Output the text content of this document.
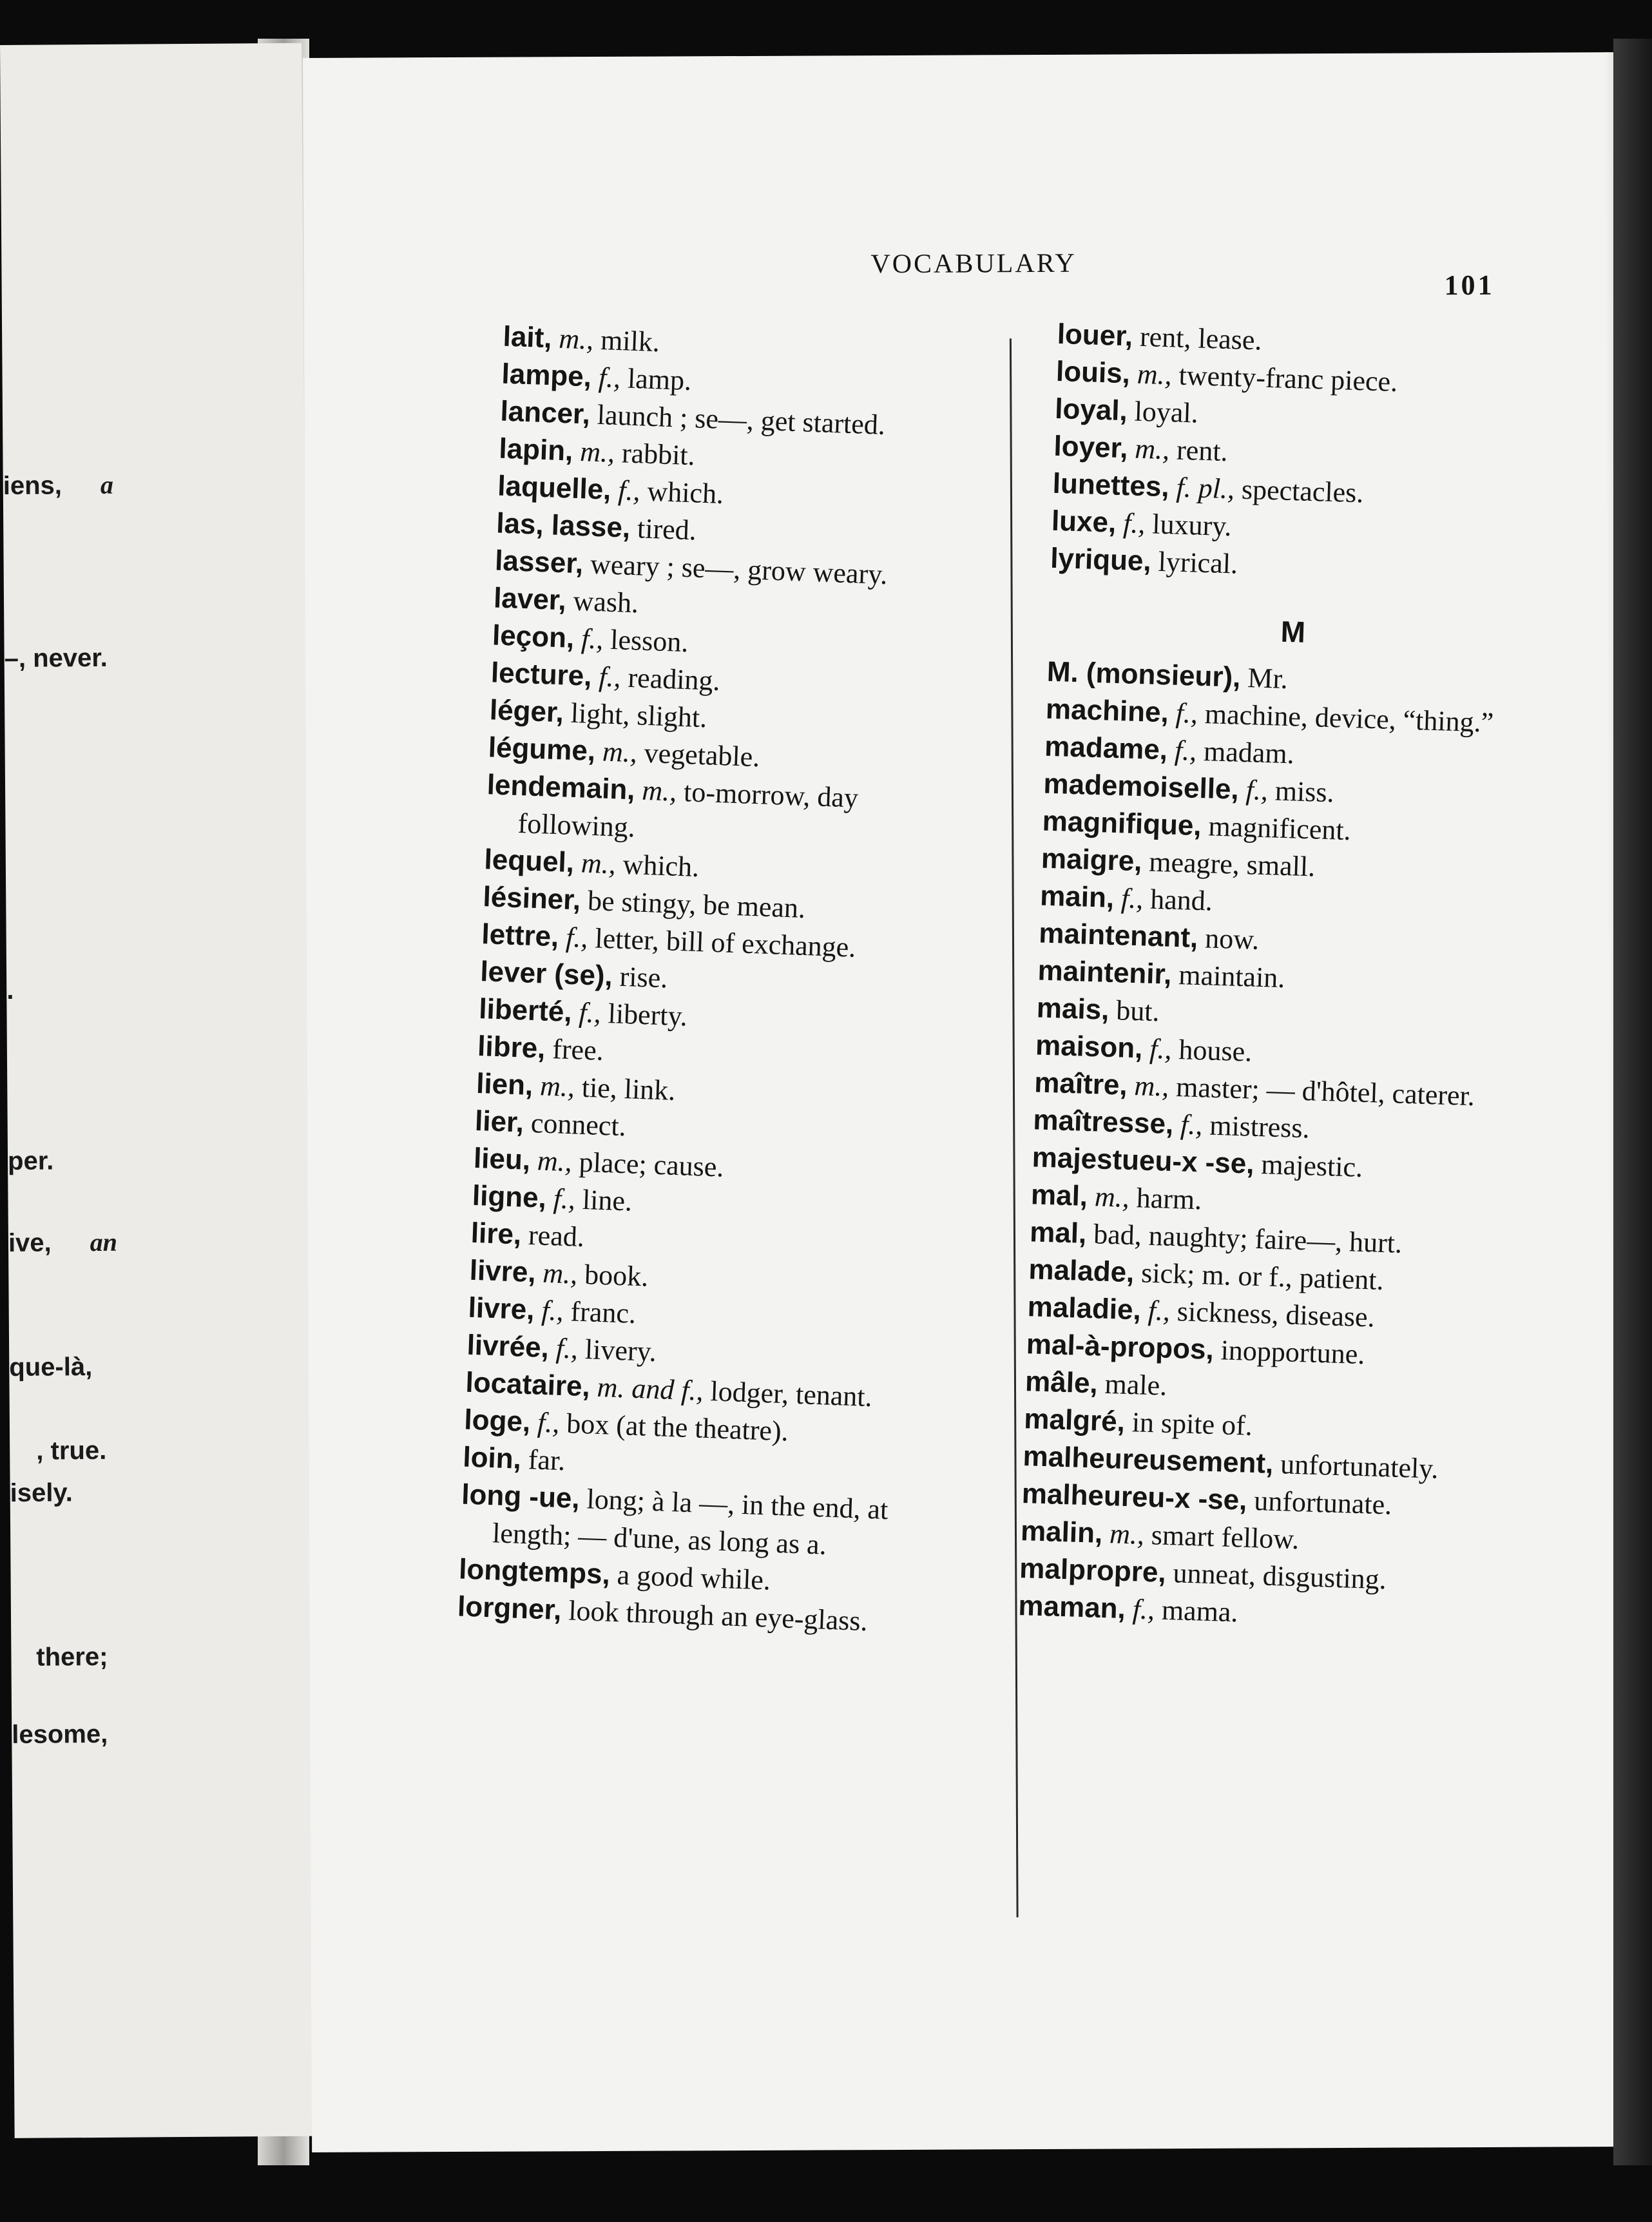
iens, a
–, never.
.
per.
ive, an
que-là,
, true.
isely.
there;
lesome,
VOCABULARY
101
lait, m., milk.
lampe, f., lamp.
lancer, launch ; se—, get started.
lapin, m., rabbit.
laquelle, f., which.
las, lasse, tired.
lasser, weary ; se—, grow weary.
laver, wash.
leçon, f., lesson.
lecture, f., reading.
léger, light, slight.
légume, m., vegetable.
lendemain, m., to-morrow, day following.
lequel, m., which.
lésiner, be stingy, be mean.
lettre, f., letter, bill of exchange.
lever (se), rise.
liberté, f., liberty.
libre, free.
lien, m., tie, link.
lier, connect.
lieu, m., place; cause.
ligne, f., line.
lire, read.
livre, m., book.
livre, f., franc.
livrée, f., livery.
locataire, m. and f., lodger, tenant.
loge, f., box (at the theatre).
loin, far.
long -ue, long; à la —, in the end, at length; — d'une, as long as a.
longtemps, a good while.
lorgner, look through an eye-glass.
louer, rent, lease.
louis, m., twenty-franc piece.
loyal, loyal.
loyer, m., rent.
lunettes, f. pl., spectacles.
luxe, f., luxury.
lyrique, lyrical.
M
M. (monsieur), Mr.
machine, f., machine, device, “thing.”
madame, f., madam.
mademoiselle, f., miss.
magnifique, magnificent.
maigre, meagre, small.
main, f., hand.
maintenant, now.
maintenir, maintain.
mais, but.
maison, f., house.
maître, m., master; — d'hôtel, caterer.
maîtresse, f., mistress.
majestueu-x -se, majestic.
mal, m., harm.
mal, bad, naughty; faire—, hurt.
malade, sick; m. or f., patient.
maladie, f., sickness, disease.
mal-à-propos, inopportune.
mâle, male.
malgré, in spite of.
malheureusement, unfortunately.
malheureu-x -se, unfortunate.
malin, m., smart fellow.
malpropre, unneat, disgusting.
maman, f., mama.
